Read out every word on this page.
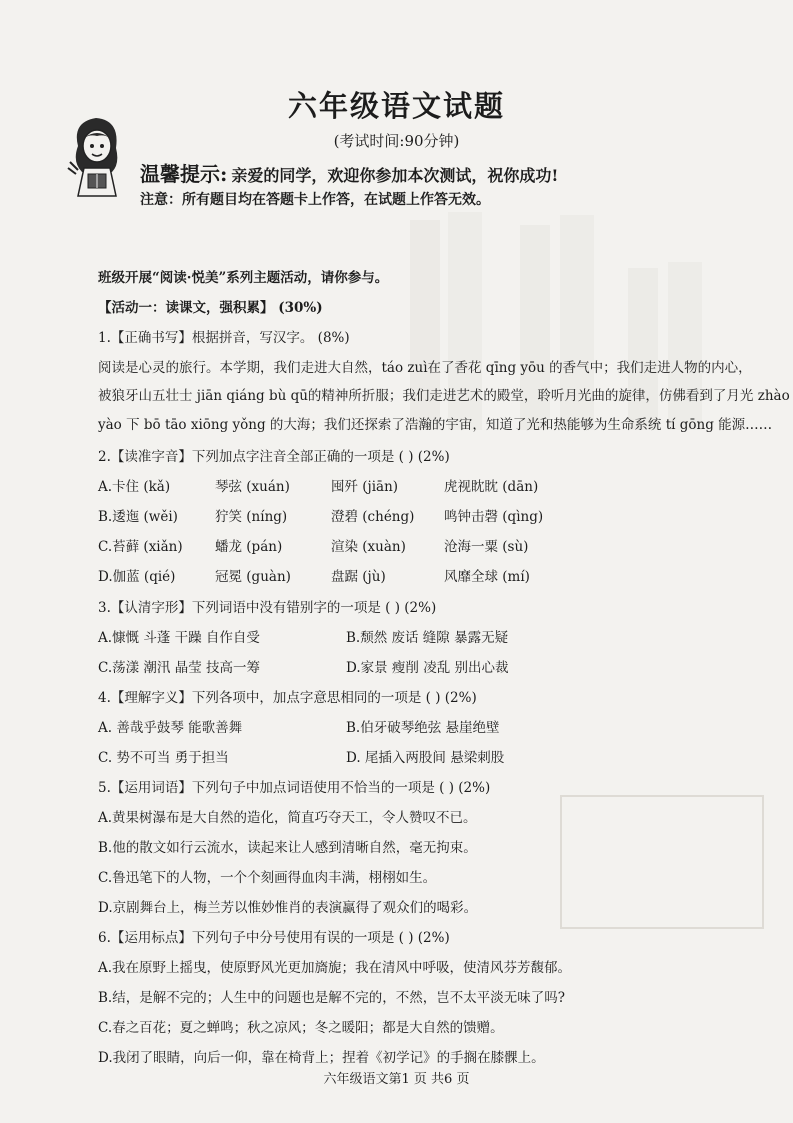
六年级语文试题
(考试时间:90分钟)
温馨提示: 亲爱的同学，欢迎你参加本次测试，祝你成功!
注意：所有题目均在答题卡上作答，在试题上作答无效。
班级开展“阅读·悦美”系列主题活动，请你参与。
【活动一：读课文，强积累】 (30%)
1.【正确书写】根据拼音，写汉字。 (8%)
阅读是心灵的旅行。本学期，我们走进大自然，táo zuì在了香花 qīng yōu 的香气中；我们走进人物的内心，
被狼牙山五壮士 jiān qiáng bù qū的精神所折服；我们走进艺术的殿堂，聆听月光曲的旋律，仿佛看到了月光 zhào
yào 下 bō tāo xiōng yǒng 的大海；我们还探索了浩瀚的宇宙，知道了光和热能够为生命系统 tí gōng 能源……
2.【读准字音】下列加点字注音全部正确的一项是 ( ) (2%)
A.卡住 (kǎ)	琴弦 (xuán)	囤歼 (jiān)	虎视眈眈 (dān)
B.逶迤 (wěi)	狞笑 (níng)	澄碧 (chéng) 鸣钟击磬 (qìng)
C.苔藓 (xiǎn) 蟠龙 (pán)	渲染 (xuàn)	沧海一粟 (sù)
D.伽蓝 (qié)	冠冕 (guàn)	盘踞 (jù)	风靡全球 (mí)
3.【认清字形】下列词语中没有错别字的一项是 ( ) (2%)
A.慷慨 斗蓬 干躁 自作自受	B.颓然 废话 缝隙 暴露无疑
C.荡漾 潮汛 晶莹 技高一筹	D.家景 瘦削 凌乱 别出心裁
4.【理解字义】下列各项中，加点字意思相同的一项是 ( ) (2%)
A. 善哉乎鼓琴 能歌善舞	B.伯牙破琴绝弦 悬崖绝壁
C. 势不可当 勇于担当	D. 尾插入两股间 悬梁刺股
5.【运用词语】下列句子中加点词语使用不恰当的一项是 ( ) (2%)
A.黄果树瀑布是大自然的造化，简直巧夺天工，令人赞叹不已。
B.他的散文如行云流水，读起来让人感到清晰自然，毫无拘束。
C.鲁迅笔下的人物，一个个刻画得血肉丰满，栩栩如生。
D.京剧舞台上，梅兰芳以惟妙惟肖的表演赢得了观众们的喝彩。
6.【运用标点】下列句子中分号使用有误的一项是 ( ) (2%)
A.我在原野上摇曳，使原野风光更加旖旎；我在清风中呼吸，使清风芬芳馥郁。
B.结，是解不完的；人生中的问题也是解不完的，不然，岂不太平淡无味了吗?
C.春之百花；夏之蝉鸣；秋之凉风；冬之暖阳；都是大自然的馈赠。
D.我闭了眼睛，向后一仰，靠在椅背上；捏着《初学记》的手搁在膝髁上。
六年级语文第1 页 共6 页
